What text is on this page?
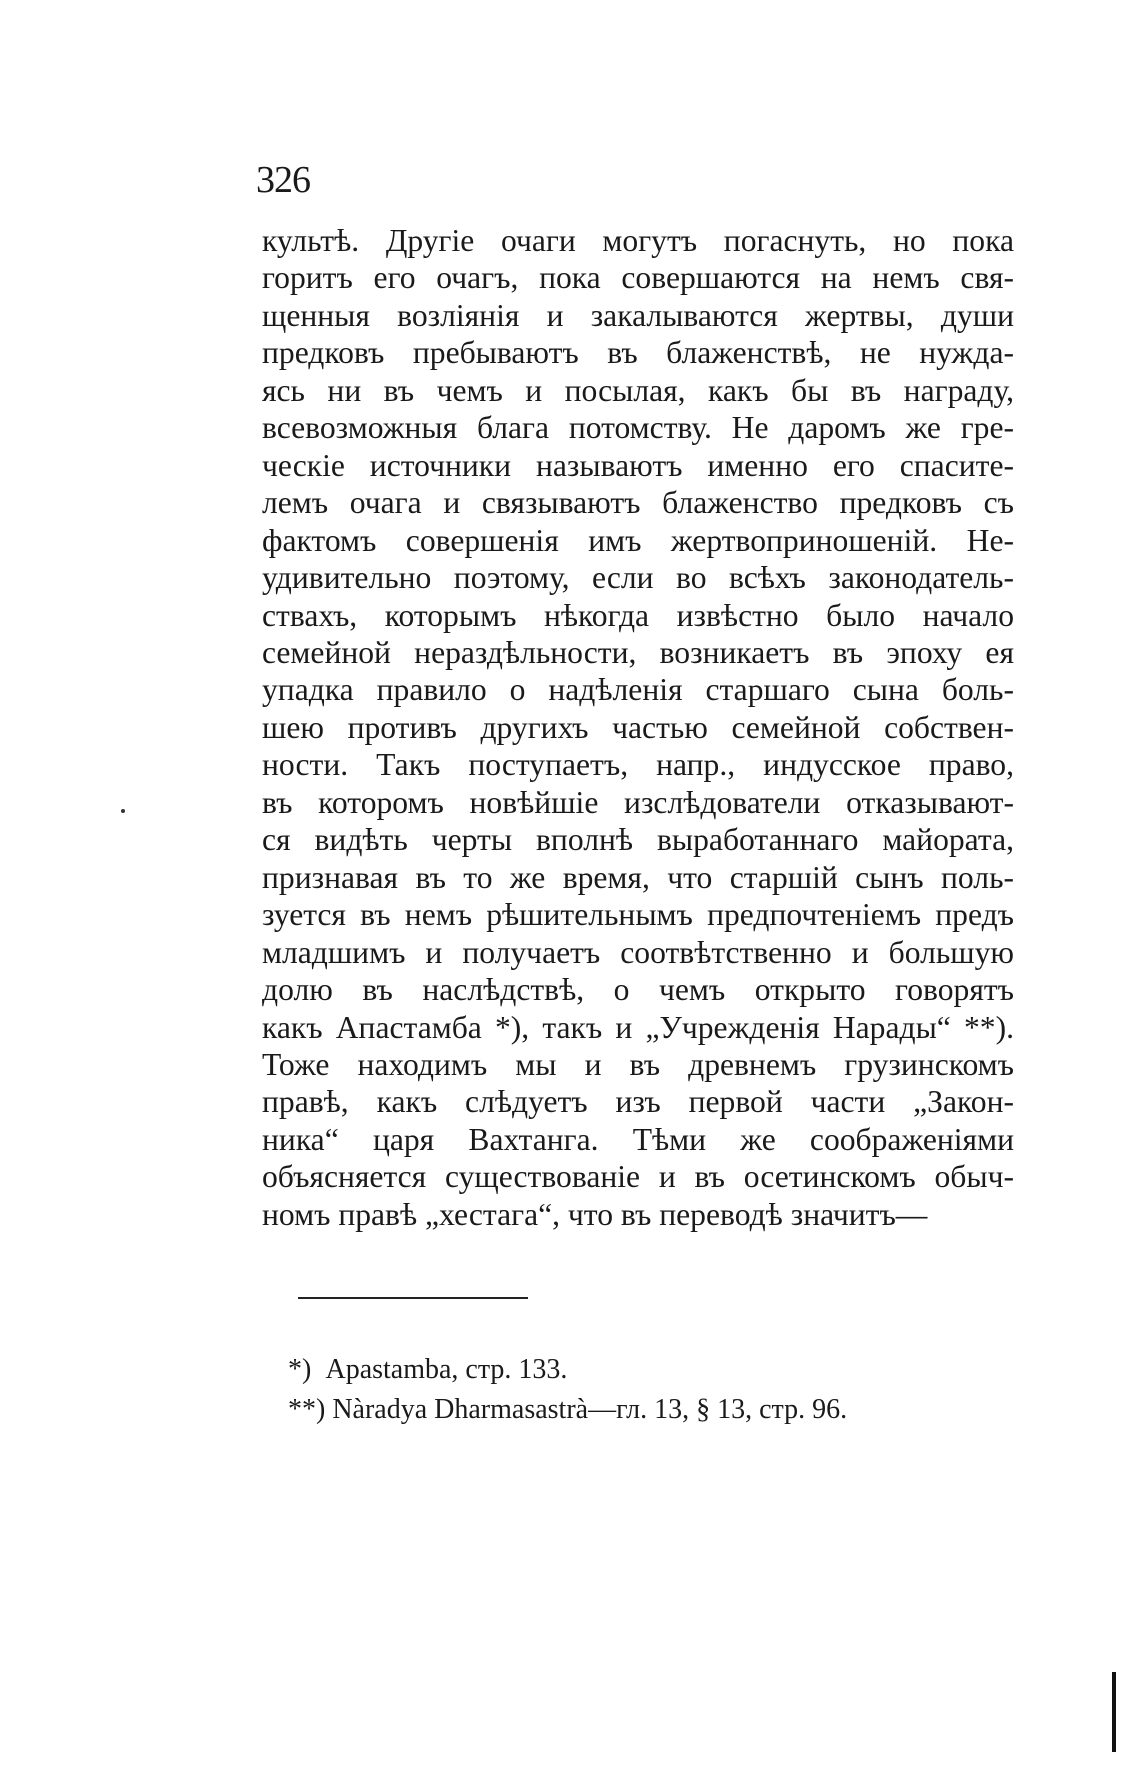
326
культѣ. Другіе очаги могутъ погаснуть, но пока
горитъ его очагъ, пока совершаются на немъ свя-
щенныя возліянія и закалываются жертвы, души
предковъ пребываютъ въ блаженствѣ, не нужда-
ясь ни въ чемъ и посылая, какъ бы въ награду,
всевозможныя блага потомству. Не даромъ же гре-
ческіе источники называютъ именно его спасите-
лемъ очага и связываютъ блаженство предковъ съ
фактомъ совершенія имъ жертвоприношеній. Не-
удивительно поэтому, если во всѣхъ законодатель-
ствахъ, которымъ нѣкогда извѣстно было начало
семейной нераздѣльности, возникаетъ въ эпоху ея
упадка правило о надѣленія старшаго сына боль-
шею противъ другихъ частью семейной собствен-
ности. Такъ поступаетъ, напр., индусское право,
въ которомъ новѣйшіе изслѣдователи отказывают-
ся видѣть черты вполнѣ выработаннаго майората,
признавая въ то же время, что старшій сынъ поль-
зуется въ немъ рѣшительнымъ предпочтеніемъ предъ
младшимъ и получаетъ соотвѣтственно и большую
долю въ наслѣдствѣ, о чемъ открыто говорятъ
какъ Апастамба *), такъ и „Учрежденія Нарады“ **).
Тоже находимъ мы и въ древнемъ грузинскомъ
правѣ, какъ слѣдуетъ изъ первой части „Закон-
ника“ царя Вахтанга. Тѣми же соображеніями
объясняется существованіе и въ осетинскомъ обыч-
номъ правѣ „хестага“, что въ переводѣ значитъ—
*) Apastamba, стр. 133.
**) Nàradya Dharmasastrà—гл. 13, § 13, стр. 96.
